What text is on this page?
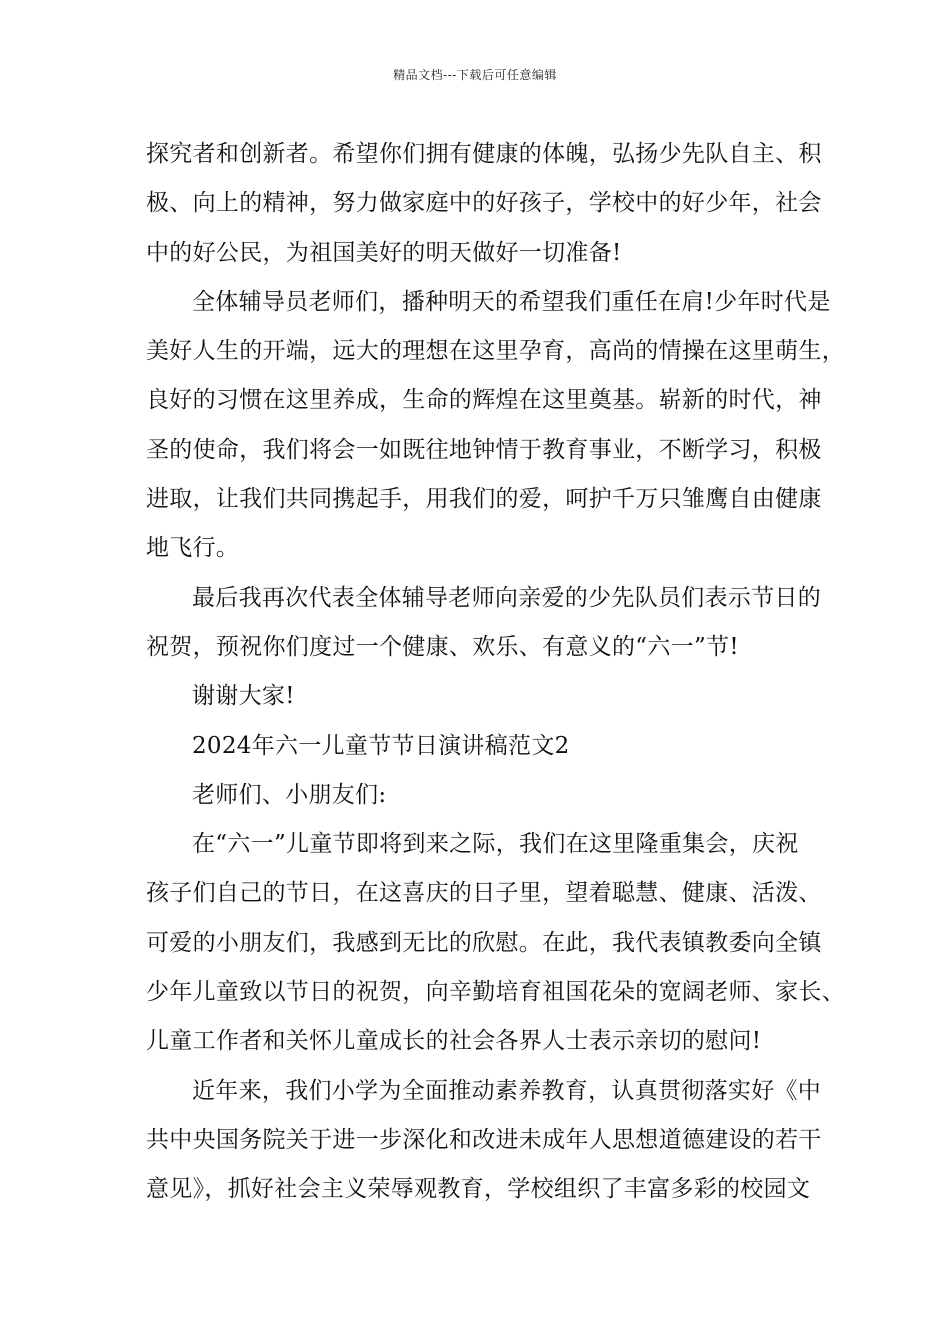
精品文档---下载后可任意编辑
探究者和创新者。希望你们拥有健康的体魄，弘扬少先队自主、积
极、向上的精神，努力做家庭中的好孩子，学校中的好少年，社会
中的好公民，为祖国美好的明天做好一切准备!
全体辅导员老师们，播种明天的希望我们重任在肩!少年时代是
美好人生的开端，远大的理想在这里孕育，高尚的情操在这里萌生，
良好的习惯在这里养成，生命的辉煌在这里奠基。崭新的时代，神
圣的使命，我们将会一如既往地钟情于教育事业，不断学习，积极
进取，让我们共同携起手，用我们的爱，呵护千万只雏鹰自由健康
地飞行。
最后我再次代表全体辅导老师向亲爱的少先队员们表示节日的
祝贺，预祝你们度过一个健康、欢乐、有意义的“六一”节!
谢谢大家!
2024年六一儿童节节日演讲稿范文2
老师们、小朋友们:
在“六一”儿童节即将到来之际，我们在这里隆重集会，庆祝
孩子们自己的节日，在这喜庆的日子里，望着聪慧、健康、活泼、
可爱的小朋友们，我感到无比的欣慰。在此，我代表镇教委向全镇
少年儿童致以节日的祝贺，向辛勤培育祖国花朵的宽阔老师、家长、
儿童工作者和关怀儿童成长的社会各界人士表示亲切的慰问!
近年来，我们小学为全面推动素养教育，认真贯彻落实好《中
共中央国务院关于进一步深化和改进未成年人思想道德建设的若干
意见》，抓好社会主义荣辱观教育，学校组织了丰富多彩的校园文
